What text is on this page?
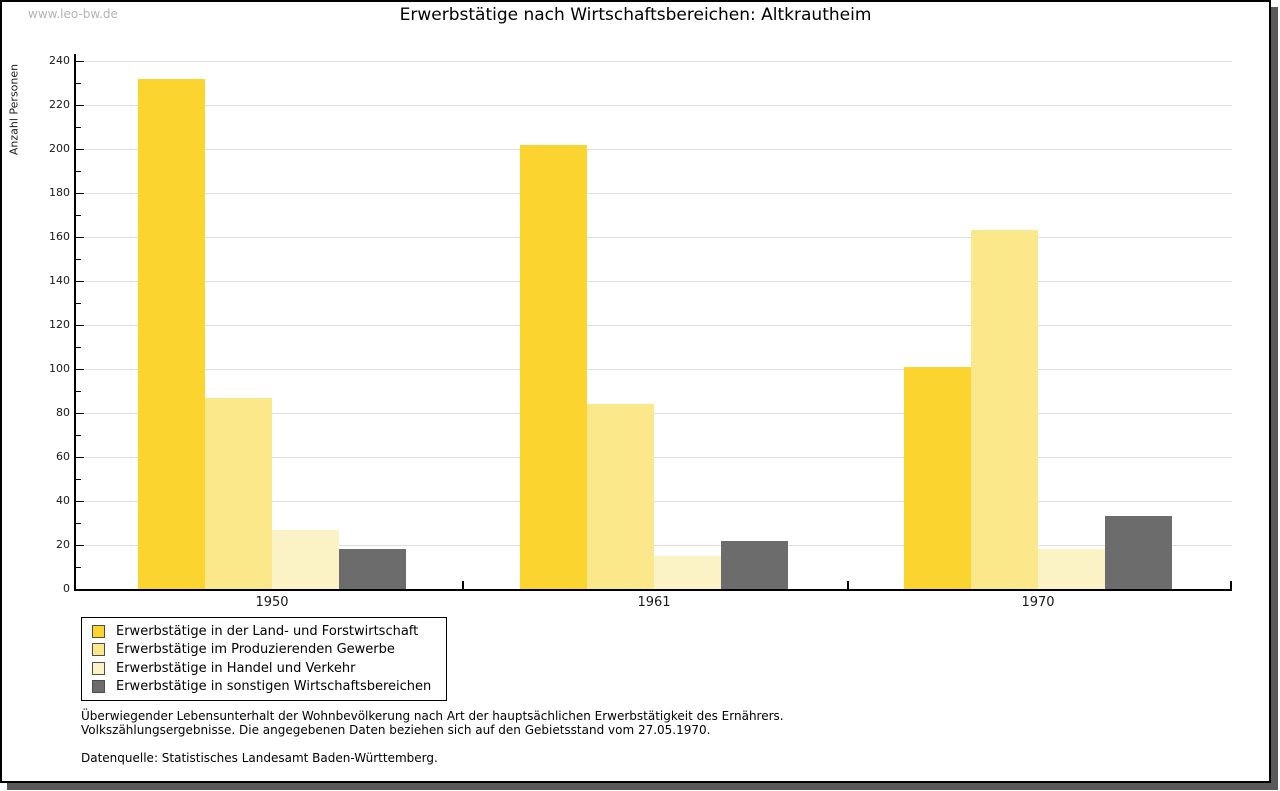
www.leo-bw.de	Erwerbstätige nach Wirtschaftsbereichen: Altkrautheim
Anzahl Personen
0
20
40
60
80
100
120
140
160
180
200
220
240
1950	1961	1970
Erwerbstätige in der Land- und Forstwirtschaft
Erwerbstätige im Produzierenden Gewerbe
Erwerbstätige in Handel und Verkehr
Erwerbstätige in sonstigen Wirtschaftsbereichen
Überwiegender Lebensunterhalt der Wohnbevölkerung nach Art der hauptsächlichen Erwerbstätigkeit des Ernährers.
Volkszählungsergebnisse. Die angegebenen Daten beziehen sich auf den Gebietsstand vom 27.05.1970.
Datenquelle: Statistisches Landesamt Baden-Württemberg.
